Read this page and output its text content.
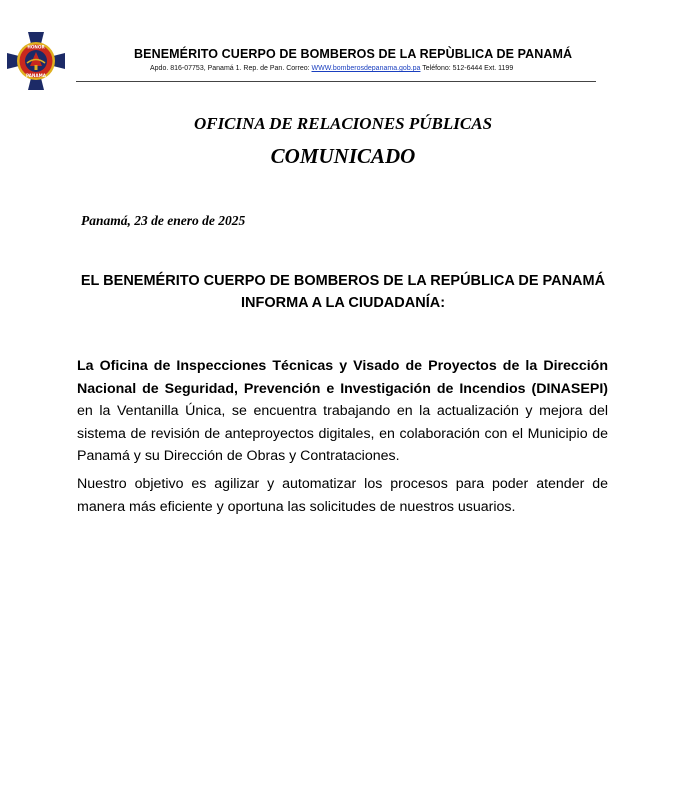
HONOR
PANAMA
BENEMÉRITO CUERPO DE BOMBEROS DE LA REPÙBLICA DE PANAMÁ
Apdo. 816-07753, Panamá 1. Rep. de Pan. Correo: WWW.bomberosdepanama.gob.pa Teléfono: 512-6444 Ext. 1199
OFICINA DE RELACIONES PÚBLICAS
COMUNICADO
Panamá, 23 de enero de 2025
EL BENEMÉRITO CUERPO DE BOMBEROS DE LA REPÚBLICA DE PANAMÁ
INFORMA A LA CIUDADANÍA:
La Oficina de Inspecciones Técnicas y Visado de Proyectos de la Dirección Nacional de Seguridad, Prevención e Investigación de Incendios (DINASEPI) en la Ventanilla Única, se encuentra trabajando en la actualización y mejora del sistema de revisión de anteproyectos digitales, en colaboración con el Municipio de Panamá y su Dirección de Obras y Contrataciones.
Nuestro objetivo es agilizar y automatizar los procesos para poder atender de manera más eficiente y oportuna las solicitudes de nuestros usuarios.
